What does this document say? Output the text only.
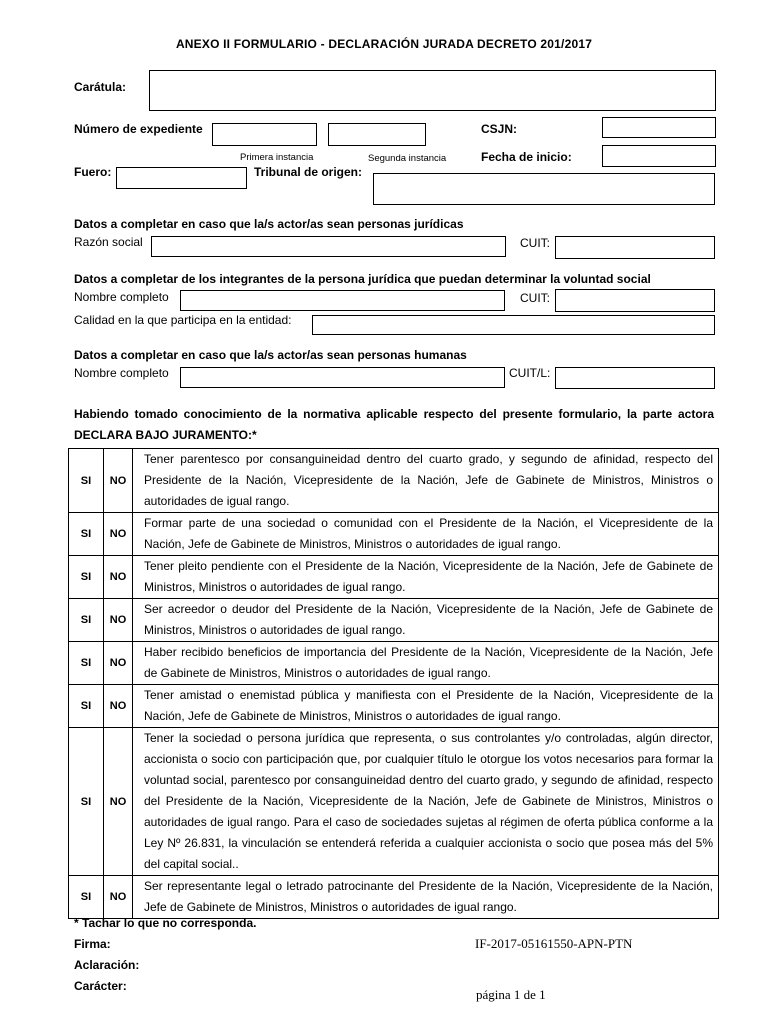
ANEXO II FORMULARIO - DECLARACIÓN JURADA DECRETO 201/2017
Carátula:
Número de expediente
Primera instancia	Segunda instancia
CSJN:
Fecha de inicio:
Fuero:	Tribunal de origen:
Datos a completar en caso que la/s actor/as sean personas jurídicas
Razón social	CUIT:
Datos a completar de los integrantes de la persona jurídica que puedan determinar la voluntad social
Nombre completo	CUIT:
Calidad en la que participa en la entidad:
Datos a completar en caso que la/s actor/as sean personas humanas
Nombre completo	CUIT/L:
Habiendo tomado conocimiento de la normativa aplicable respecto del presente formulario, la parte actora DECLARA BAJO JURAMENTO:*
SI	NO	Tener parentesco por consanguineidad dentro del cuarto grado, y segundo de afinidad, respecto del Presidente de la Nación, Vicepresidente de la Nación, Jefe de Gabinete de Ministros, Ministros o autoridades de igual rango.
SI	NO	Formar parte de una sociedad o comunidad con el Presidente de la Nación, el Vicepresidente de la Nación, Jefe de Gabinete de Ministros, Ministros o autoridades de igual rango.
SI	NO	Tener pleito pendiente con el Presidente de la Nación, Vicepresidente de la Nación, Jefe de Gabinete de Ministros, Ministros o autoridades de igual rango.
SI	NO	Ser acreedor o deudor del Presidente de la Nación, Vicepresidente de la Nación, Jefe de Gabinete de Ministros, Ministros o autoridades de igual rango.
SI	NO	Haber recibido beneficios de importancia del Presidente de la Nación, Vicepresidente de la Nación, Jefe de Gabinete de Ministros, Ministros o autoridades de igual rango.
SI	NO	Tener amistad o enemistad pública y manifiesta con el Presidente de la Nación, Vicepresidente de la Nación, Jefe de Gabinete de Ministros, Ministros o autoridades de igual rango.
SI	NO	Tener la sociedad o persona jurídica que representa, o sus controlantes y/o controladas, algún director, accionista o socio con participación que, por cualquier título le otorgue los votos necesarios para formar la voluntad social, parentesco por consanguineidad dentro del cuarto grado, y segundo de afinidad, respecto del Presidente de la Nación, Vicepresidente de la Nación, Jefe de Gabinete de Ministros, Ministros o autoridades de igual rango. Para el caso de sociedades sujetas al régimen de oferta pública conforme a la Ley Nº 26.831, la vinculación se entenderá referida a cualquier accionista o socio que posea más del 5% del capital social..
SI	NO	Ser representante legal o letrado patrocinante del Presidente de la Nación, Vicepresidente de la Nación, Jefe de Gabinete de Ministros, Ministros o autoridades de igual rango.
* Tachar lo que no corresponda.
Firma:
Aclaración:
Carácter:
IF-2017-05161550-APN-PTN
página 1 de 1
